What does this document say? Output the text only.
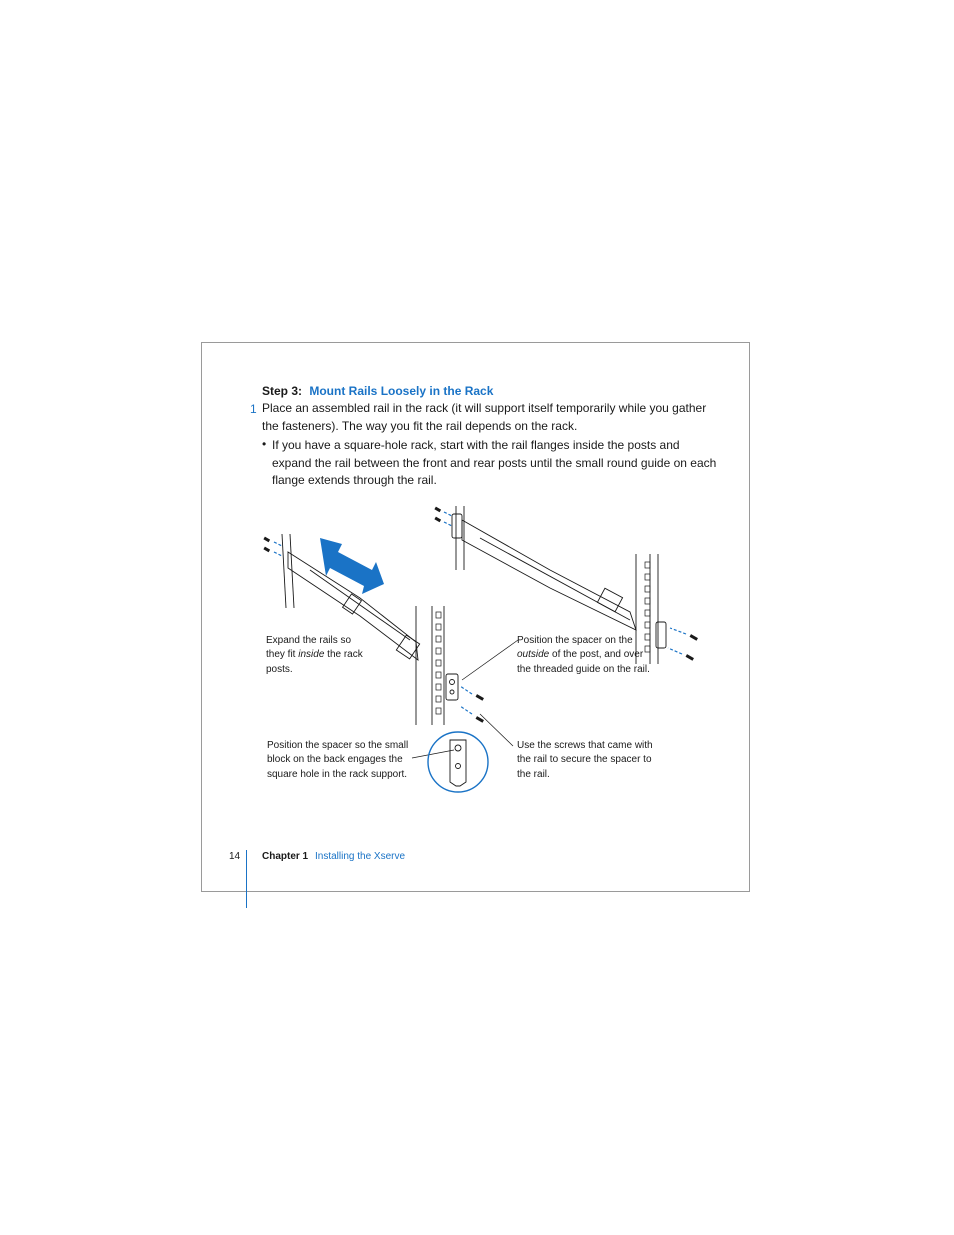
Step 3: Mount Rails Loosely in the Rack
1 Place an assembled rail in the rack (it will support itself temporarily while you gather the fasteners). The way you fit the rail depends on the rack.
• If you have a square-hole rack, start with the rail flanges inside the posts and expand the rail between the front and rear posts until the small round guide on each flange extends through the rail.
Expand the rails so they fit inside the rack posts.
Position the spacer on the outside of the post, and over the threaded guide on the rail.
Position the spacer so the small block on the back engages the square hole in the rack support.
Use the screws that came with the rail to secure the spacer to the rail.
14 Chapter 1 Installing the Xserve
